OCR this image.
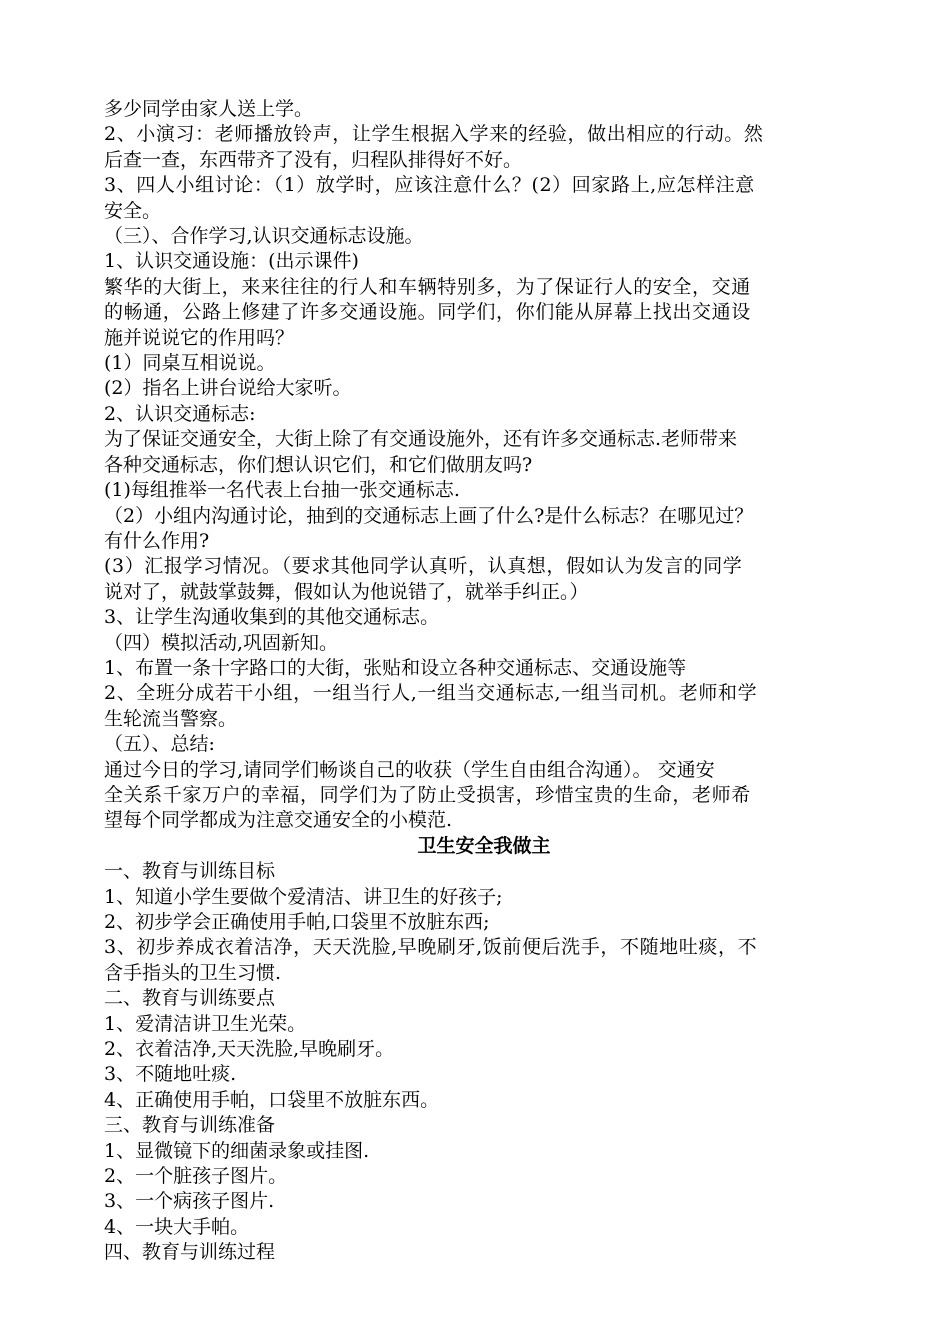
多少同学由家人送上学。
2、小演习：老师播放铃声，让学生根据入学来的经验，做出相应的行动。然
后查一查，东西带齐了没有，归程队排得好不好。
3、四人小组讨论：（1）放学时，应该注意什么？(2）回家路上,应怎样注意
安全。
（三）、合作学习,认识交通标志设施。
1、认识交通设施：(出示课件)
繁华的大街上，来来往往的行人和车辆特别多，为了保证行人的安全，交通
的畅通，公路上修建了许多交通设施。同学们，你们能从屏幕上找出交通设
施并说说它的作用吗？
(1）同桌互相说说。
(2）指名上讲台说给大家听。
2、认识交通标志:
为了保证交通安全，大街上除了有交通设施外，还有许多交通标志.老师带来
各种交通标志，你们想认识它们，和它们做朋友吗?
(1)每组推举一名代表上台抽一张交通标志.
（2）小组内沟通讨论，抽到的交通标志上画了什么?是什么标志？在哪见过？
有什么作用?
(3）汇报学习情况。（要求其他同学认真听，认真想，假如认为发言的同学
说对了，就鼓掌鼓舞，假如认为他说错了，就举手纠正。）
3、让学生沟通收集到的其他交通标志。
（四）模拟活动,巩固新知。
1、布置一条十字路口的大街，张贴和设立各种交通标志、交通设施等
2、全班分成若干小组，一组当行人,一组当交通标志,一组当司机。老师和学
生轮流当警察。
（五）、总结:
通过今日的学习,请同学们畅谈自己的收获（学生自由组合沟通）。 交通安
全关系千家万户的幸福，同学们为了防止受损害，珍惜宝贵的生命，老师希
望每个同学都成为注意交通安全的小模范.
卫生安全我做主
一、教育与训练目标
1、知道小学生要做个爱清洁、讲卫生的好孩子;
2、初步学会正确使用手帕,口袋里不放脏东西;
3、初步养成衣着洁净，天天洗脸,早晚刷牙,饭前便后洗手，不随地吐痰，不
含手指头的卫生习惯.
二、教育与训练要点
1、爱清洁讲卫生光荣。
2、衣着洁净,天天洗脸,早晚刷牙。
3、不随地吐痰.
4、正确使用手帕，口袋里不放脏东西。
三、教育与训练准备
1、显微镜下的细菌录象或挂图.
2、一个脏孩子图片。
3、一个病孩子图片.
4、一块大手帕。
四、教育与训练过程
